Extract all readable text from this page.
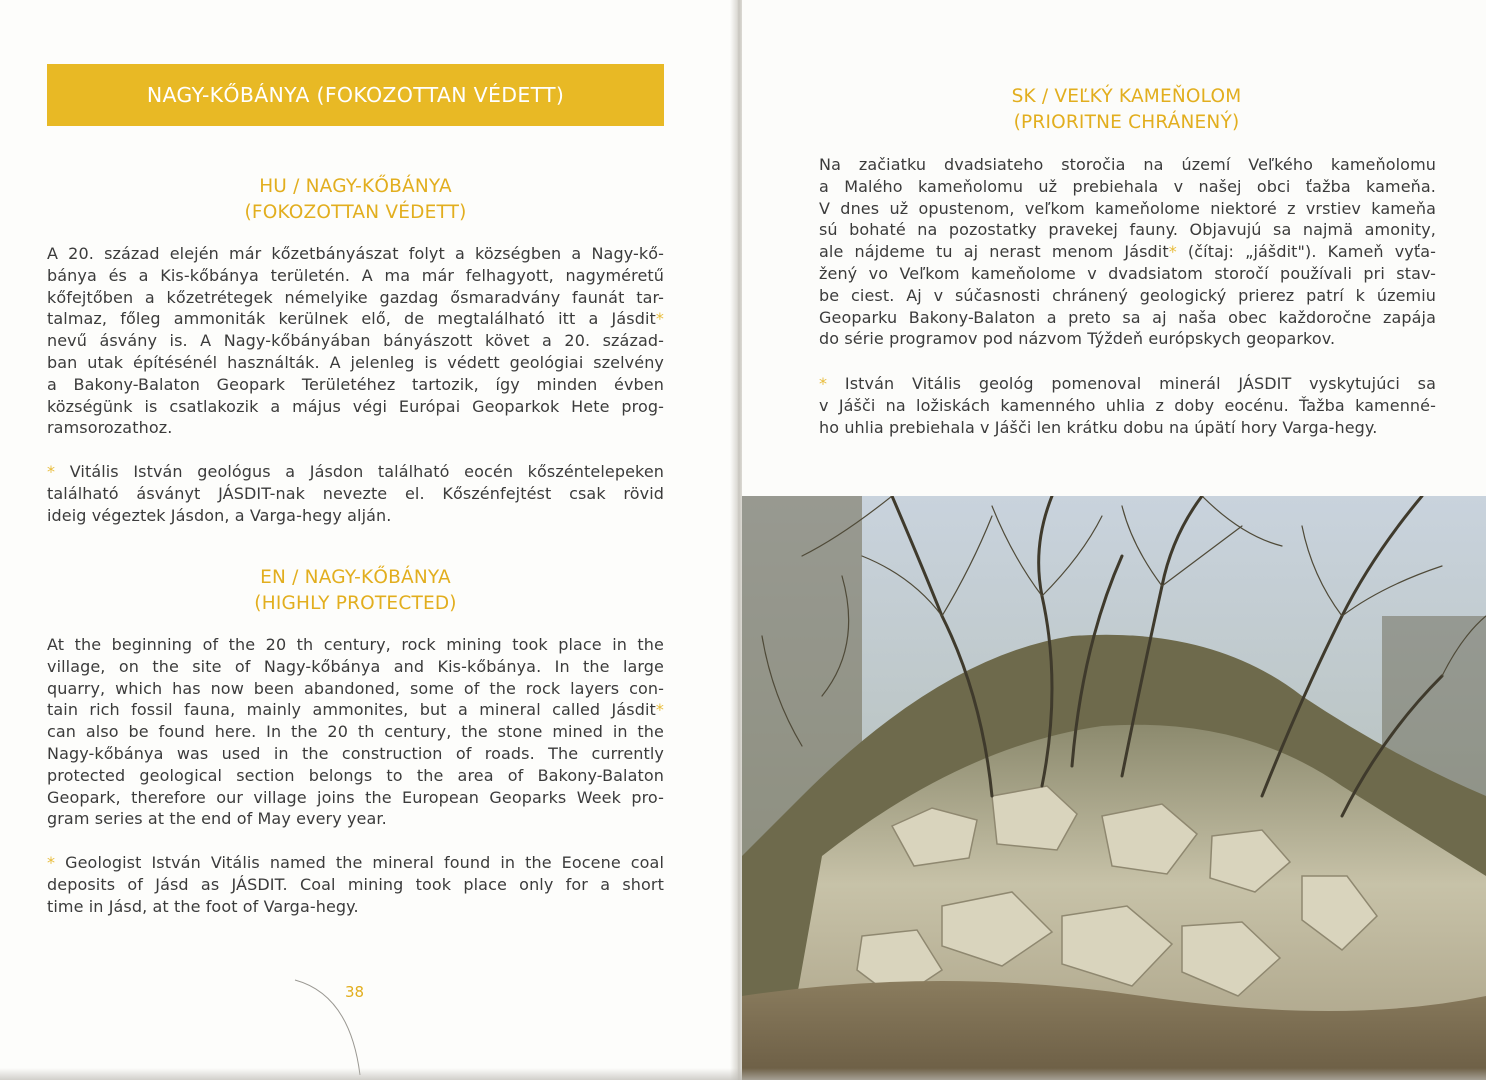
NAGY-KŐBÁNYA (FOKOZOTTAN VÉDETT)
HU / NAGY-KŐBÁNYA
(FOKOZOTTAN VÉDETT)
A 20. század elején már kőzetbányászat folyt a községben a Nagy-kő-
bánya és a Kis-kőbánya területén. A ma már felhagyott, nagyméretű
kőfejtőben a kőzetrétegek némelyike gazdag ősmaradvány faunát tar-
talmaz, főleg ammoniták kerülnek elő, de megtalálható itt a Jásdit*
nevű ásvány is. A Nagy-kőbányában bányászott követ a 20. század-
ban utak építésénél használták. A jelenleg is védett geológiai szelvény
a Bakony-Balaton Geopark Területéhez tartozik, így minden évben
községünk is csatlakozik a május végi Európai Geoparkok Hete prog-
ramsorozathoz.
* Vitális István geológus a Jásdon található eocén kőszéntelepeken
található ásványt JÁSDIT-nak nevezte el. Kőszénfejtést csak rövid
ideig végeztek Jásdon, a Varga-hegy alján.
EN / NAGY-KŐBÁNYA
(HIGHLY PROTECTED)
At the beginning of the 20 th century, rock mining took place in the
village, on the site of Nagy-kőbánya and Kis-kőbánya. In the large
quarry, which has now been abandoned, some of the rock layers con-
tain rich fossil fauna, mainly ammonites, but a mineral called Jásdit*
can also be found here. In the 20 th century, the stone mined in the
Nagy-kőbánya was used in the construction of roads. The currently
protected geological section belongs to the area of Bakony-Balaton
Geopark, therefore our village joins the European Geoparks Week pro-
gram series at the end of May every year.
* Geologist István Vitális named the mineral found in the Eocene coal
deposits of Jásd as JÁSDIT. Coal mining took place only for a short
time in Jásd, at the foot of Varga-hegy.
38
SK / VEĽKÝ KAMEŇOLOM
(PRIORITNE CHRÁNENÝ)
Na začiatku dvadsiateho storočia na území Veľkého kameňolomu
a Malého kameňolomu už prebiehala v našej obci ťažba kameňa.
V dnes už opustenom, veľkom kameňolome niektoré z vrstiev kameňa
sú bohaté na pozostatky pravekej fauny. Objavujú sa najmä amonity,
ale nájdeme tu aj nerast menom Jásdit* (čítaj: „jášdit"). Kameň vyťa-
žený vo Veľkom kameňolome v dvadsiatom storočí používali pri stav-
be ciest. Aj v súčasnosti chránený geologický prierez patrí k územiu
Geoparku Bakony-Balaton a preto sa aj naša obec každoročne zapája
do série programov pod názvom Týždeň európskych geoparkov.
* István Vitális geológ pomenoval minerál JÁSDIT vyskytujúci sa
v Jášči na ložiskách kamenného uhlia z doby eocénu. Ťažba kamenné-
ho uhlia prebiehala v Jášči len krátku dobu na úpätí hory Varga-hegy.
